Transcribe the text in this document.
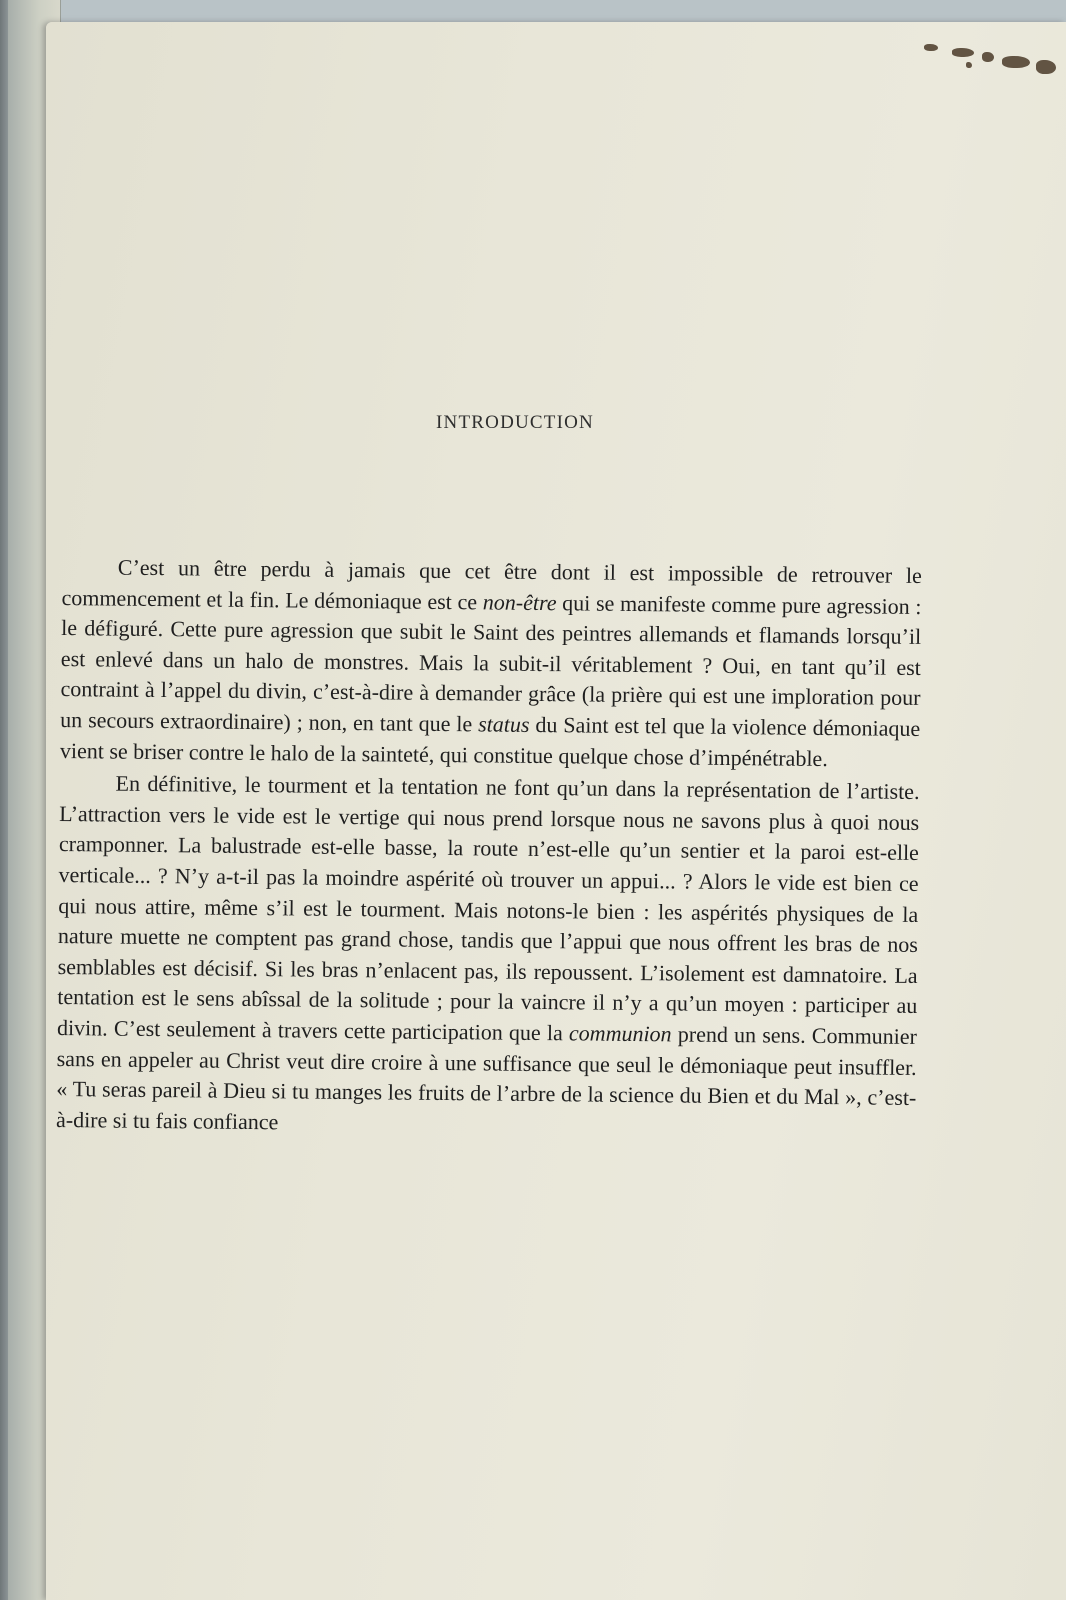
INTRODUCTION

C’est un être perdu à jamais que cet être dont il est impossible de retrouver le commencement et la fin. Le démoniaque est ce non-être qui se manifeste comme pure agression : le défiguré. Cette pure agression que subit le Saint des peintres allemands et flamands lorsqu’il est enlevé dans un halo de monstres. Mais la subit-il véritablement ? Oui, en tant qu’il est contraint à l’appel du divin, c’est-à-dire à demander grâce (la prière qui est une imploration pour un secours extraordinaire) ; non, en tant que le status du Saint est tel que la violence démoniaque vient se briser contre le halo de la sainteté, qui constitue quelque chose d’impénétrable.

En définitive, le tourment et la tentation ne font qu’un dans la représentation de l’artiste. L’attraction vers le vide est le vertige qui nous prend lorsque nous ne savons plus à quoi nous cramponner. La balustrade est-elle basse, la route n’est-elle qu’un sentier et la paroi est-elle verticale... ? N’y a-t-il pas la moindre aspérité où trouver un appui... ? Alors le vide est bien ce qui nous attire, même s’il est le tourment. Mais notons-le bien : les aspérités physiques de la nature muette ne comptent pas grand chose, tandis que l’appui que nous offrent les bras de nos semblables est décisif. Si les bras n’enlacent pas, ils repoussent. L’isolement est damnatoire. La tentation est le sens abîssal de la solitude ; pour la vaincre il n’y a qu’un moyen : participer au divin. C’est seulement à travers cette participation que la communion prend un sens. Communier sans en appeler au Christ veut dire croire à une suffisance que seul le démoniaque peut insuffler. « Tu seras pareil à Dieu si tu manges les fruits de l’arbre de la science du Bien et du Mal », c’est-à-dire si tu fais confiance
